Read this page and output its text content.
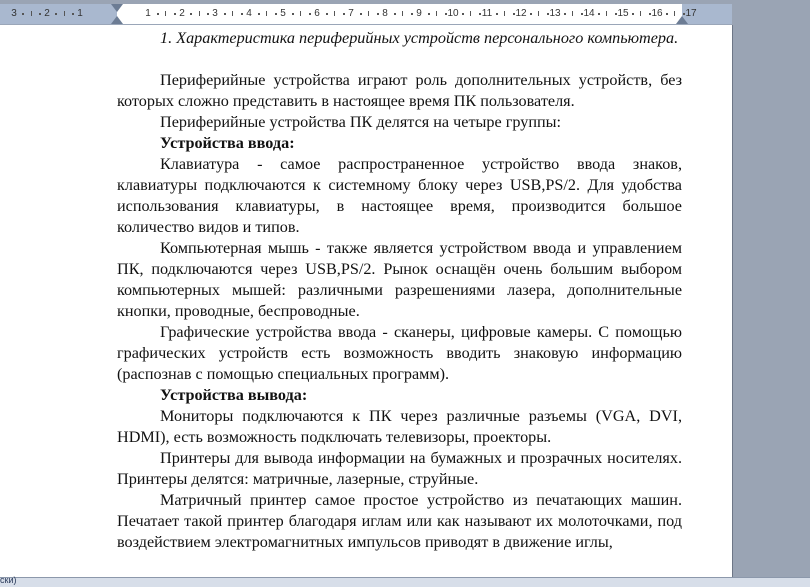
3	2	1	1	2	3	4	5	6	7	8	9	10	11	12	13	14	15	16	17

1. Характеристика периферийных устройств персонального компьютера.

Периферийные устройства играют роль дополнительных устройств, без которых сложно представить в настоящее время ПК пользователя.

Периферийные устройства ПК делятся на четыре группы:

Устройства ввода:

Клавиатура - самое распространенное устройство ввода знаков, клавиатуры подключаются к системному блоку через USB,PS/2. Для удобства использования клавиатуры, в настоящее время, производится большое количество видов и типов.

Компьютерная мышь - также является устройством ввода и управлением ПК, подключаются через USB,PS/2. Рынок оснащён очень большим выбором компьютерных мышей: различными разрешениями лазера, дополнительные кнопки, проводные, беспроводные.

Графические устройства ввода - сканеры, цифровые камеры. С помощью графических устройств есть возможность вводить знаковую информацию (распознав с помощью специальных программ).

Устройства вывода:

Мониторы подключаются к ПК через различные разъемы (VGA, DVI, HDMI), есть возможность подключать телевизоры, проекторы.

Принтеры для вывода информации на бумажных и прозрачных носителях. Принтеры делятся: матричные, лазерные, струйные.

Матричный принтер самое простое устройство из печатающих машин. Печатает такой принтер благодаря иглам или как называют их молоточками, под воздействием электромагнитных импульсов приводят в движение иглы,

ски)
